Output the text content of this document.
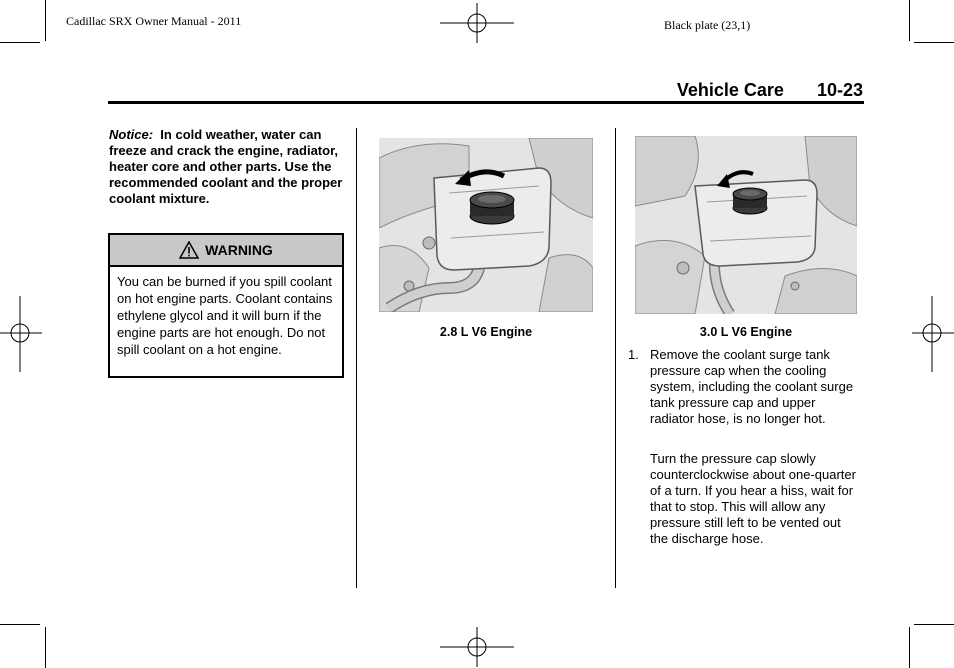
Cadillac SRX Owner Manual - 2011	Black plate (23,1)
Vehicle Care 10-23
Notice: In cold weather, water can freeze and crack the engine, radiator, heater core and other parts. Use the recommended coolant and the proper coolant mixture.
WARNING
You can be burned if you spill coolant on hot engine parts. Coolant contains ethylene glycol and it will burn if the engine parts are hot enough. Do not spill coolant on a hot engine.
2.8 L V6 Engine	3.0 L V6 Engine
1. Remove the coolant surge tank pressure cap when the cooling system, including the coolant surge tank pressure cap and upper radiator hose, is no longer hot.
Turn the pressure cap slowly counterclockwise about one-quarter of a turn. If you hear a hiss, wait for that to stop. This will allow any pressure still left to be vented out the discharge hose.
